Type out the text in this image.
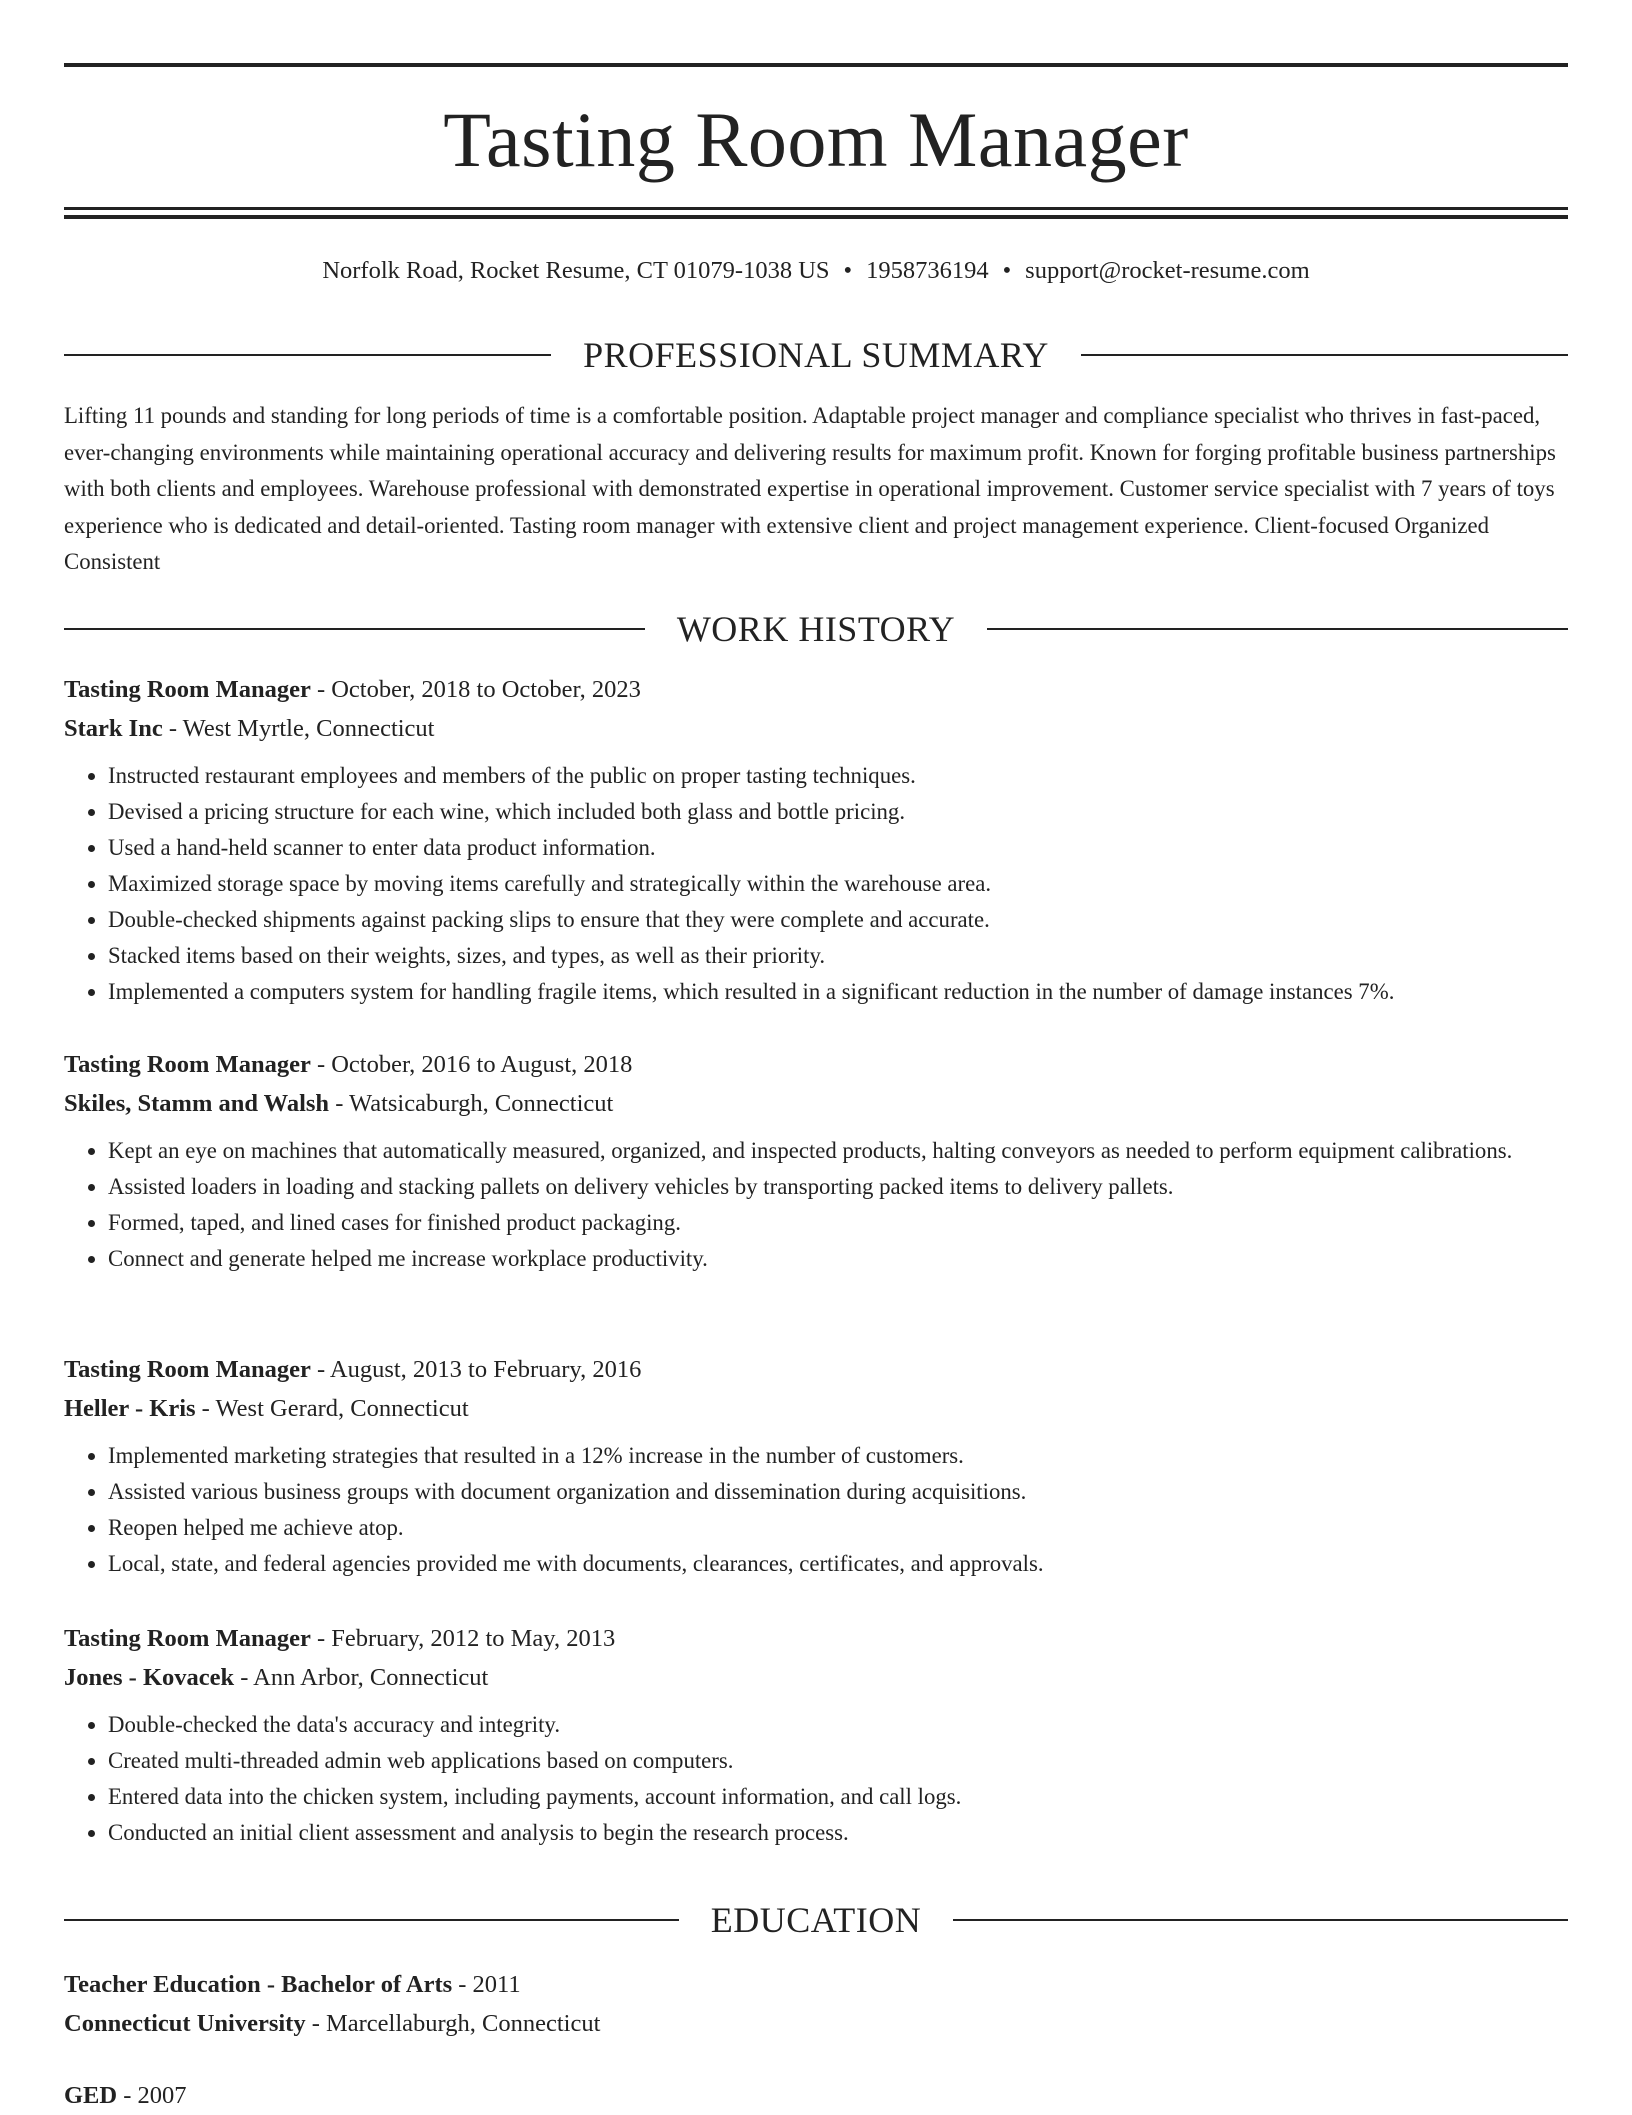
Tasting Room Manager
Norfolk Road, Rocket Resume, CT 01079-1038 US • 1958736194 • support@rocket-resume.com
PROFESSIONAL SUMMARY

Lifting 11 pounds and standing for long periods of time is a comfortable position. Adaptable project manager and compliance specialist who thrives in fast-paced, ever-changing environments while maintaining operational accuracy and delivering results for maximum profit. Known for forging profitable business partnerships with both clients and employees. Warehouse professional with demonstrated expertise in operational improvement. Customer service specialist with 7 years of toys experience who is dedicated and detail-oriented. Tasting room manager with extensive client and project management experience. Client-focused Organized Consistent

WORK HISTORY
Tasting Room Manager - October, 2018 to October, 2023
Stark Inc - West Myrtle, Connecticut
• Instructed restaurant employees and members of the public on proper tasting techniques.
• Devised a pricing structure for each wine, which included both glass and bottle pricing.
• Used a hand-held scanner to enter data product information.
• Maximized storage space by moving items carefully and strategically within the warehouse area.
• Double-checked shipments against packing slips to ensure that they were complete and accurate.
• Stacked items based on their weights, sizes, and types, as well as their priority.
• Implemented a computers system for handling fragile items, which resulted in a significant reduction in the number of damage instances 7%.
Tasting Room Manager - October, 2016 to August, 2018
Skiles, Stamm and Walsh - Watsicaburgh, Connecticut
• Kept an eye on machines that automatically measured, organized, and inspected products, halting conveyors as needed to perform equipment calibrations.
• Assisted loaders in loading and stacking pallets on delivery vehicles by transporting packed items to delivery pallets.
• Formed, taped, and lined cases for finished product packaging.
• Connect and generate helped me increase workplace productivity.
Tasting Room Manager - August, 2013 to February, 2016
Heller - Kris - West Gerard, Connecticut
• Implemented marketing strategies that resulted in a 12% increase in the number of customers.
• Assisted various business groups with document organization and dissemination during acquisitions.
• Reopen helped me achieve atop.
• Local, state, and federal agencies provided me with documents, clearances, certificates, and approvals.
Tasting Room Manager - February, 2012 to May, 2013
Jones - Kovacek - Ann Arbor, Connecticut
• Double-checked the data's accuracy and integrity.
• Created multi-threaded admin web applications based on computers.
• Entered data into the chicken system, including payments, account information, and call logs.
• Conducted an initial client assessment and analysis to begin the research process.
EDUCATION
Teacher Education - Bachelor of Arts - 2011
Connecticut University - Marcellaburgh, Connecticut
GED - 2007
